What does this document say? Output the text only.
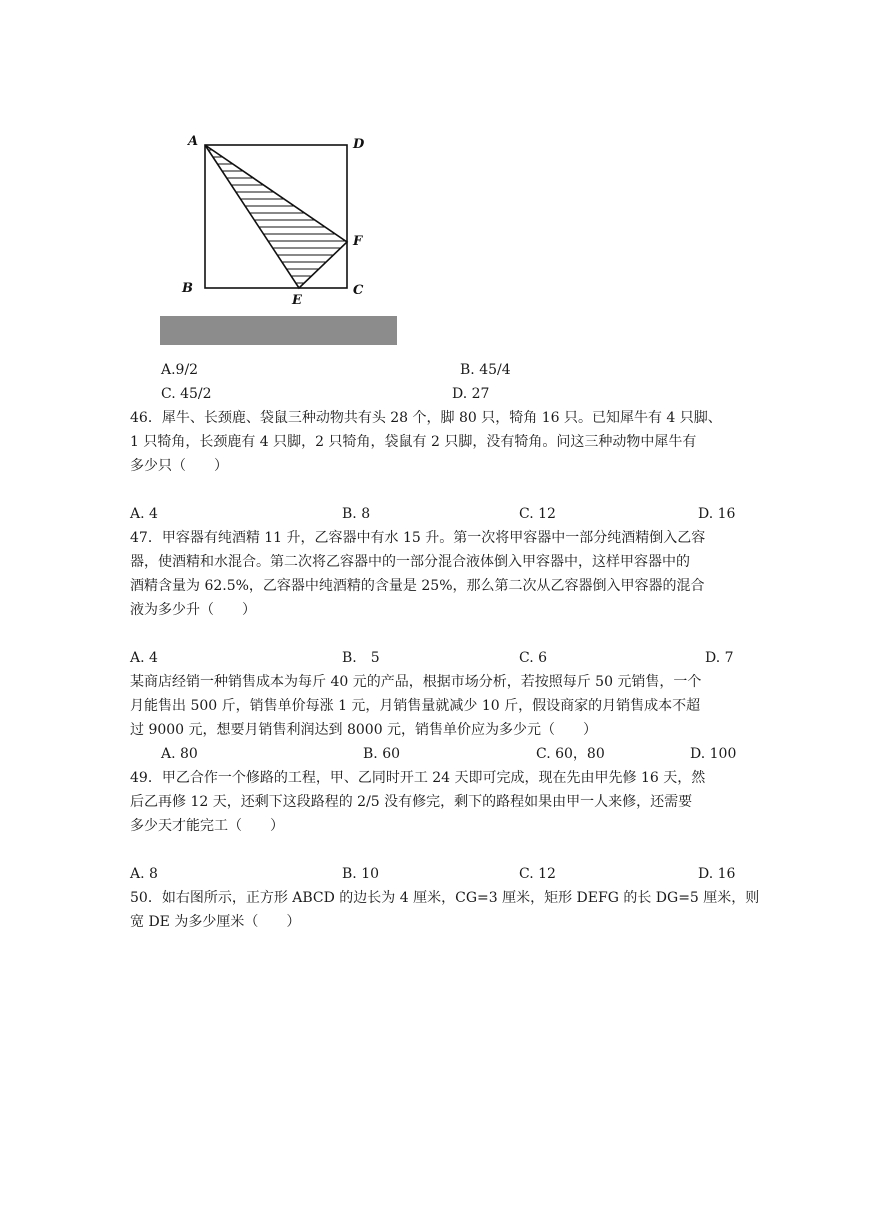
A	D
B	C
F
E
A.9/2	B. 45/4
C. 45/2	D. 27
46．犀牛、长颈鹿、袋鼠三种动物共有头 28 个，脚 80 只，犄角 16 只。已知犀牛有 4 只脚、
1 只犄角，长颈鹿有 4 只脚，2 只犄角，袋鼠有 2 只脚，没有犄角。问这三种动物中犀牛有
多少只（　　）
A. 4	B. 8	C. 12	D. 16
47．甲容器有纯酒精 11 升，乙容器中有水 15 升。第一次将甲容器中一部分纯酒精倒入乙容
器，使酒精和水混合。第二次将乙容器中的一部分混合液体倒入甲容器中，这样甲容器中的
酒精含量为 62.5%，乙容器中纯酒精的含量是 25%，那么第二次从乙容器倒入甲容器的混合
液为多少升（　　）
A. 4	B.　5	C. 6	D. 7
某商店经销一种销售成本为每斤 40 元的产品，根据市场分析，若按照每斤 50 元销售，一个
月能售出 500 斤，销售单价每涨 1 元，月销售量就减少 10 斤，假设商家的月销售成本不超
过 9000 元，想要月销售利润达到 8000 元，销售单价应为多少元（　　）
A. 80	B. 60	C. 60，80	D. 100
49．甲乙合作一个修路的工程，甲、乙同时开工 24 天即可完成，现在先由甲先修 16 天，然
后乙再修 12 天，还剩下这段路程的 2/5 没有修完，剩下的路程如果由甲一人来修，还需要
多少天才能完工（　　）
A. 8	B. 10	C. 12	D. 16
50．如右图所示，正方形 ABCD 的边长为 4 厘米，CG=3 厘米，矩形 DEFG 的长 DG=5 厘米，则
宽 DE 为多少厘米（　　）
